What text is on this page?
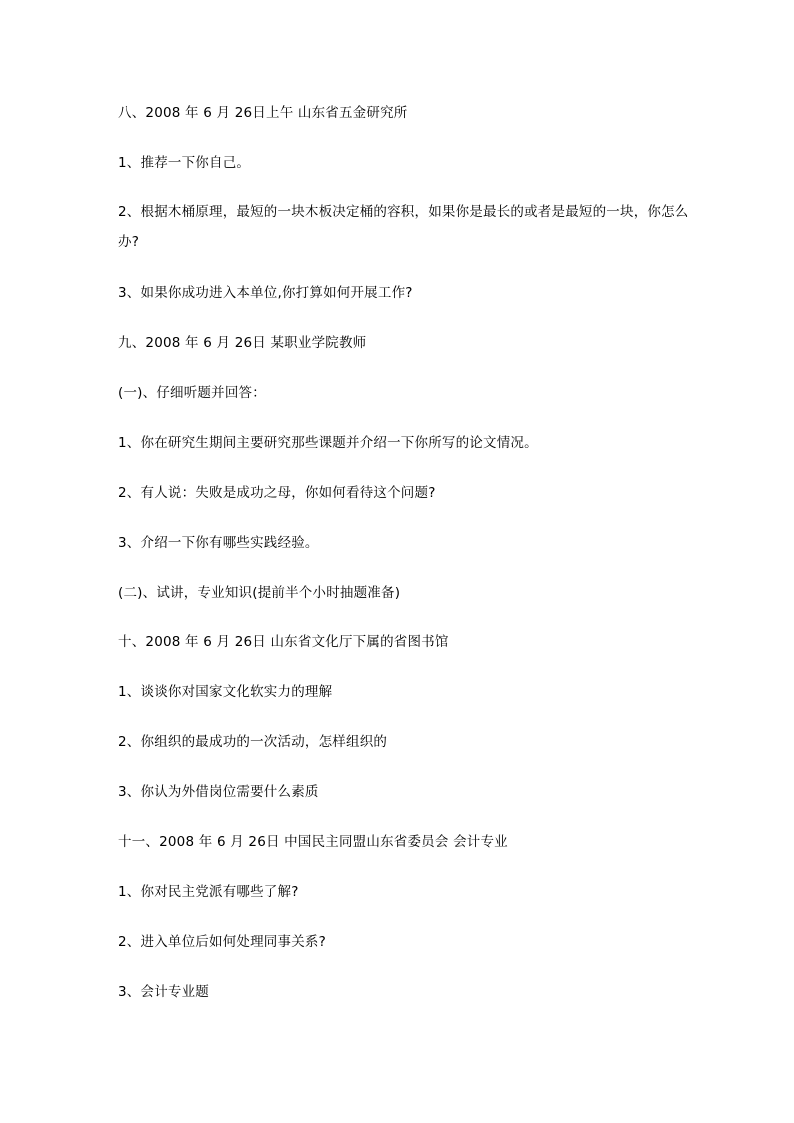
八、2008 年 6 月 26日上午 山东省五金研究所

1、推荐一下你自己。

2、根据木桶原理，最短的一块木板决定桶的容积，如果你是最长的或者是最短的一块，你怎么办?

3、如果你成功进入本单位,你打算如何开展工作?

九、2008 年 6 月 26日 某职业学院教师

(一)、仔细听题并回答：

1、你在研究生期间主要研究那些课题并介绍一下你所写的论文情况。

2、有人说：失败是成功之母，你如何看待这个问题?

3、介绍一下你有哪些实践经验。

(二)、试讲，专业知识(提前半个小时抽题准备)

十、2008 年 6 月 26日 山东省文化厅下属的省图书馆

1、谈谈你对国家文化软实力的理解

2、你组织的最成功的一次活动，怎样组织的

3、你认为外借岗位需要什么素质

十一、2008 年 6 月 26日 中国民主同盟山东省委员会 会计专业

1、你对民主党派有哪些了解?

2、进入单位后如何处理同事关系?

3、会计专业题
